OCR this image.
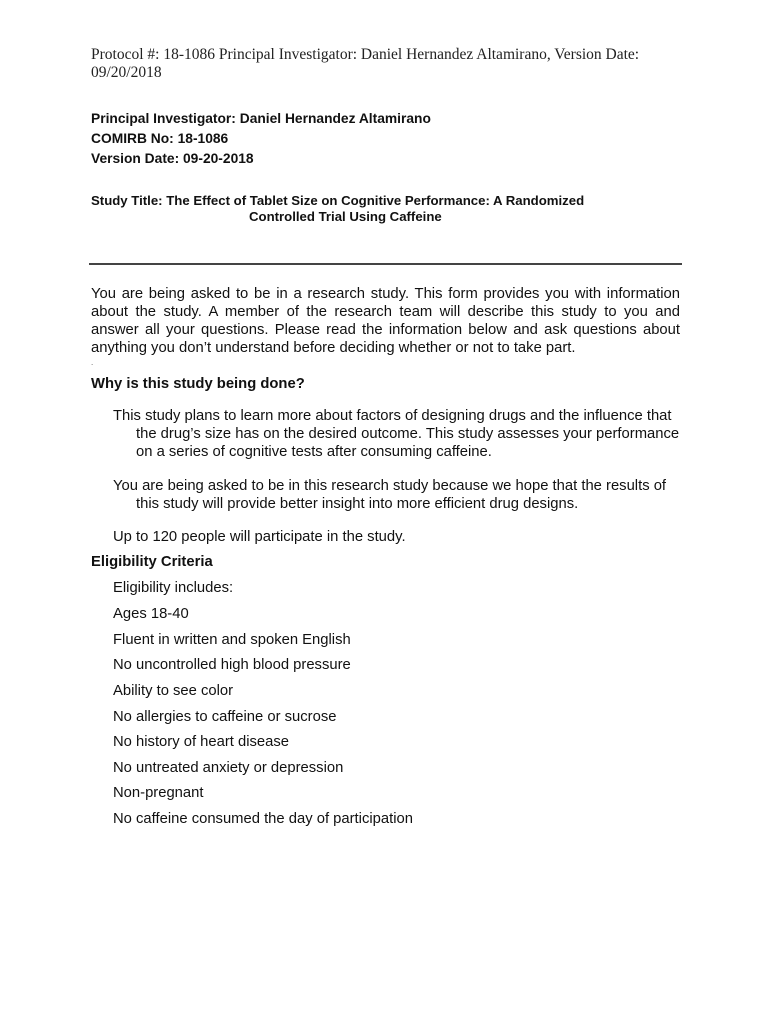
Protocol #: 18-1086 Principal Investigator: Daniel Hernandez Altamirano, Version Date: 09/20/2018
Principal Investigator: Daniel Hernandez Altamirano
COMIRB No: 18-1086
Version Date: 09-20-2018
Study Title: The Effect of Tablet Size on Cognitive Performance: A Randomized
Controlled Trial Using Caffeine
You are being asked to be in a research study. This form provides you with information about the study. A member of the research team will describe this study to you and answer all your questions. Please read the information below and ask questions about anything you don’t understand before deciding whether or not to take part.
.
Why is this study being done?
This study plans to learn more about factors of designing drugs and the influence that the drug’s size has on the desired outcome. This study assesses your performance on a series of cognitive tests after consuming caffeine.
You are being asked to be in this research study because we hope that the results of this study will provide better insight into more efficient drug designs.
Up to 120 people will participate in the study.
Eligibility Criteria
Eligibility includes:
Ages 18-40
Fluent in written and spoken English
No uncontrolled high blood pressure
Ability to see color
No allergies to caffeine or sucrose
No history of heart disease
No untreated anxiety or depression
Non-pregnant
No caffeine consumed the day of participation
